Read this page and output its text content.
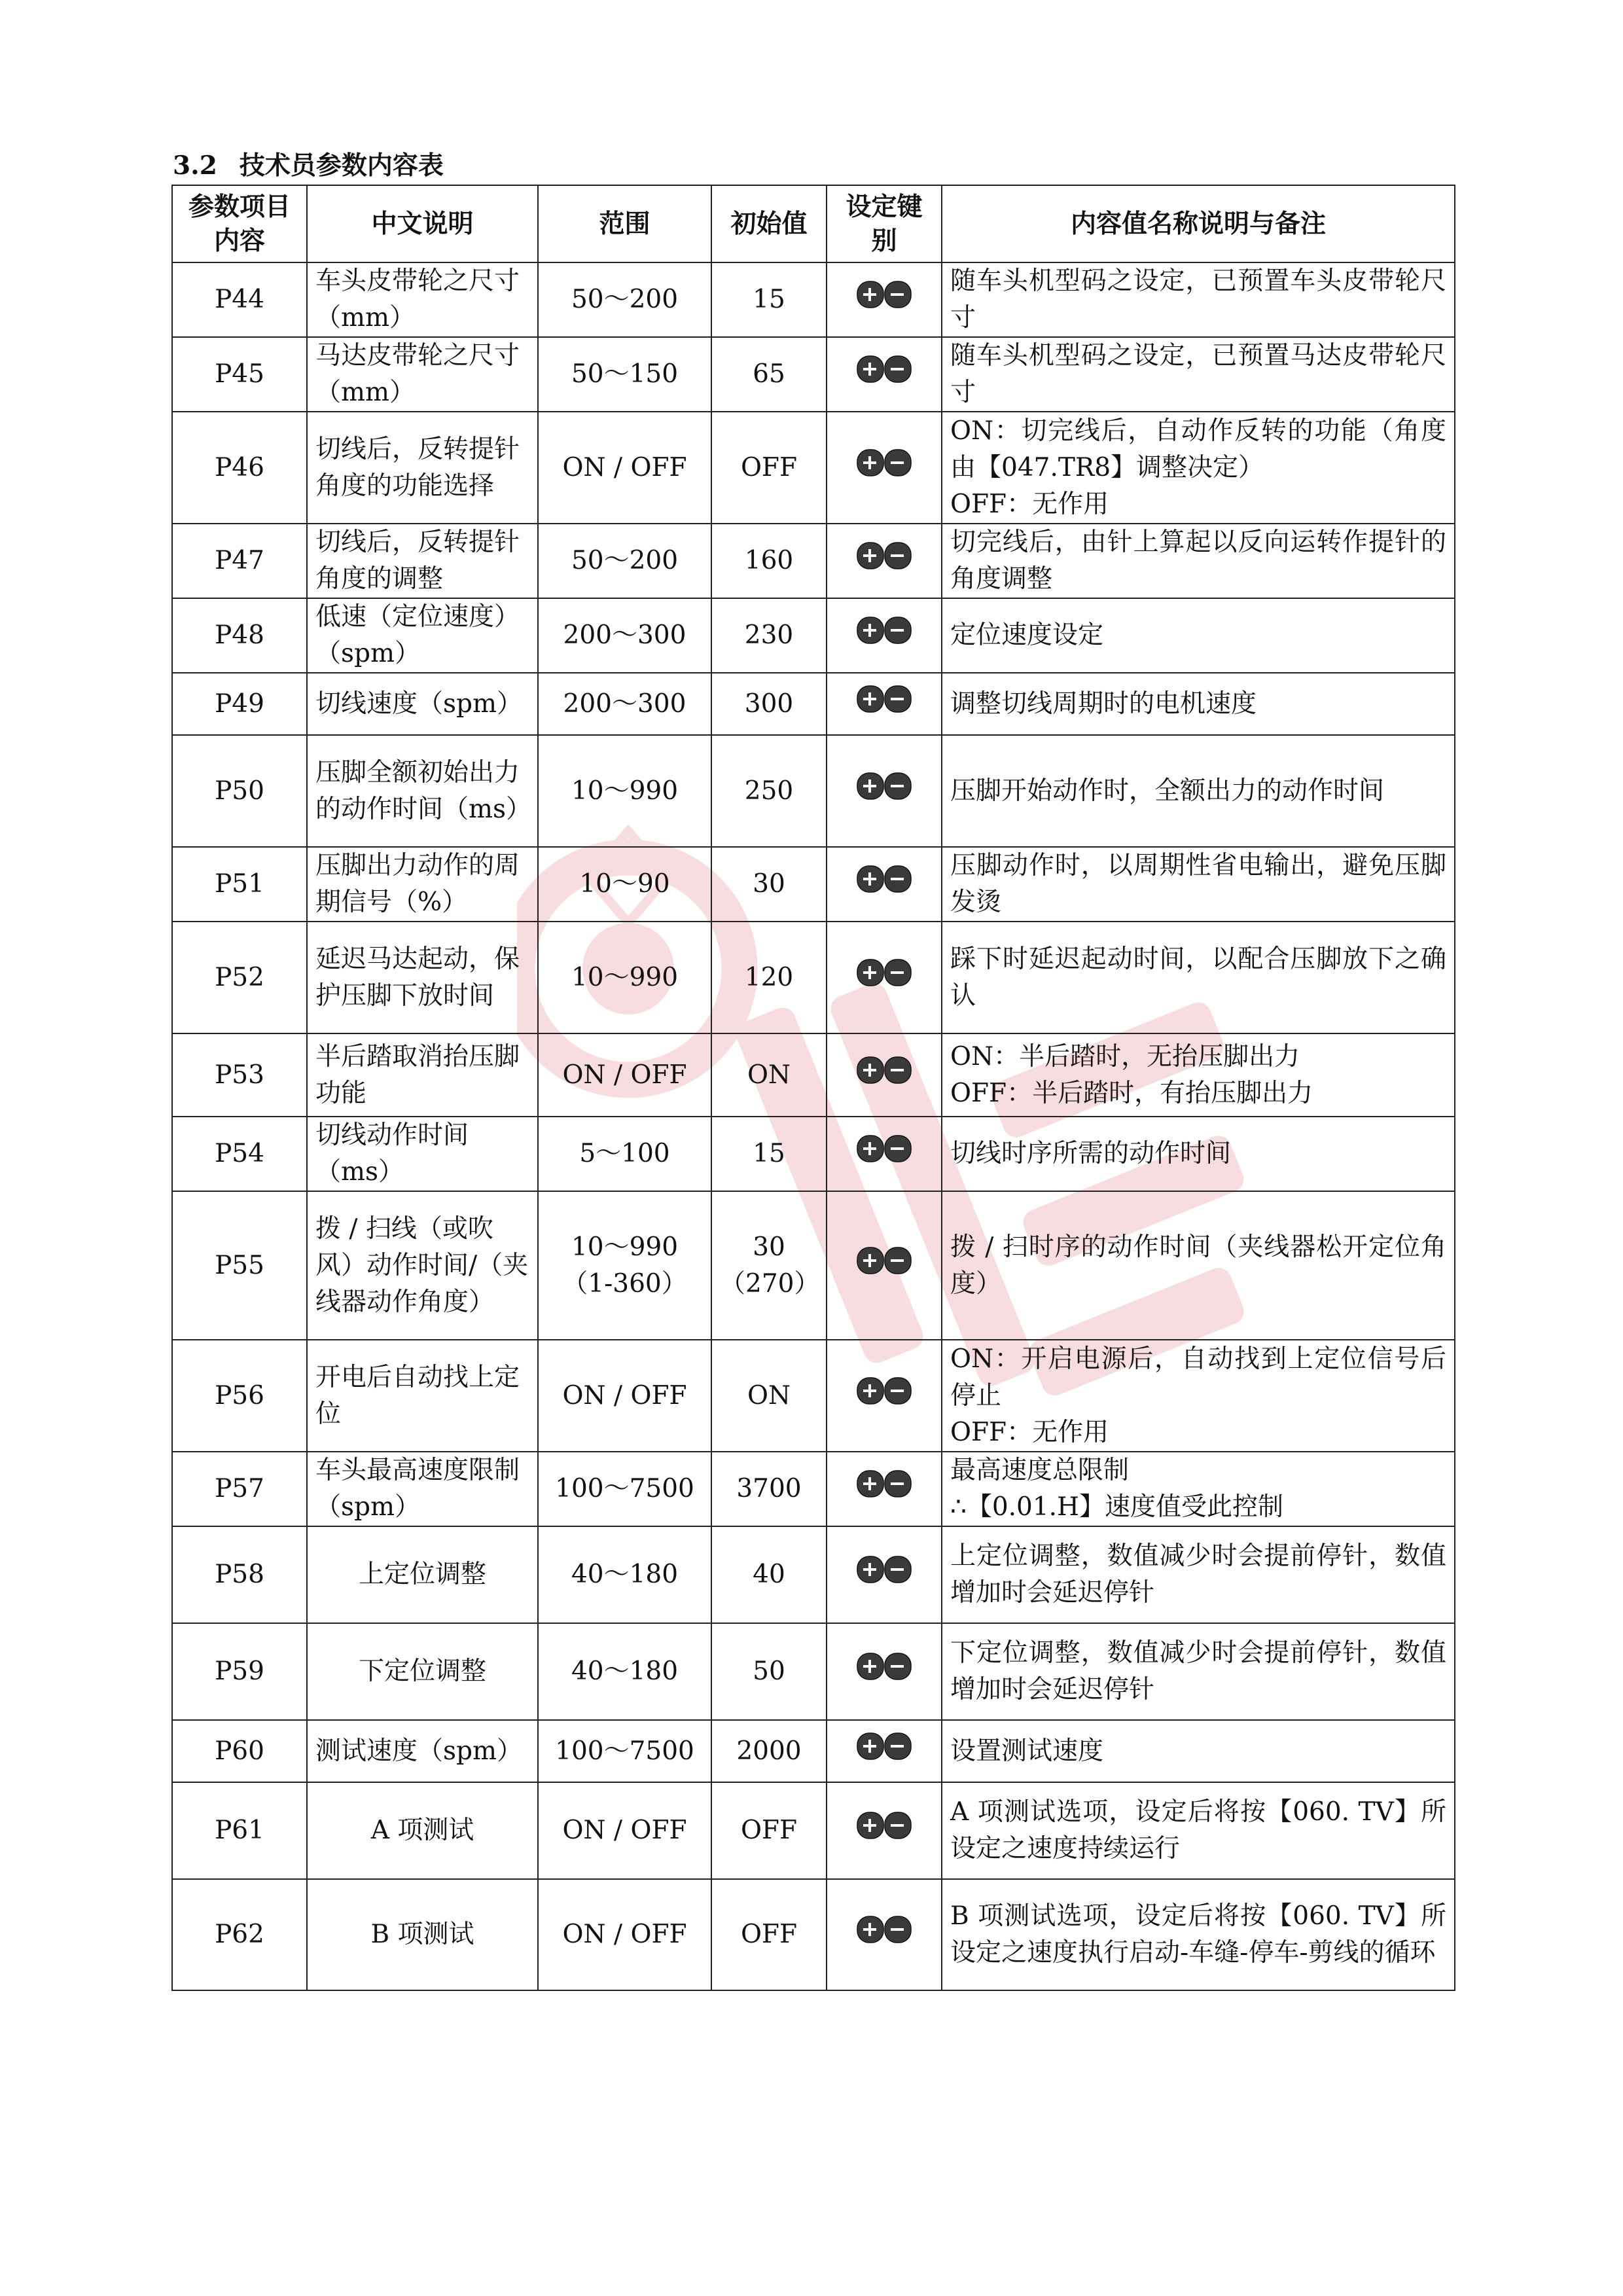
3.2 技术员参数内容表
参数项目内容	中文说明	范围	初始值	设定键别	内容值名称说明与备注
P44	车头皮带轮之尺寸（mm）	50～200	15		随车头机型码之设定，已预置车头皮带轮尺寸

P45	马达皮带轮之尺寸（mm）	50～150	65		随车头机型码之设定，已预置马达皮带轮尺寸

P46	切线后，反转提针角度的功能选择	ON / OFF	OFF		ON：切完线后，自动作反转的功能（角度由【047.TR8】调整决定）
OFF：无作用

P47	切线后，反转提针角度的调整	50～200	160		切完线后，由针上算起以反向运转作提针的角度调整

P48	低速（定位速度）（spm）	200～300	230		定位速度设定

P49	切线速度（spm）	200～300	300		调整切线周期时的电机速度

P50	压脚全额初始出力的动作时间（ms）	10～990	250		压脚开始动作时，全额出力的动作时间

P51	压脚出力动作的周期信号（%）	10～90	30		压脚动作时，以周期性省电输出，避免压脚发烫

P52	延迟马达起动，保护压脚下放时间	10～990	120		踩下时延迟起动时间，以配合压脚放下之确认

P53	半后踏取消抬压脚功能	ON / OFF	ON		ON：半后踏时，无抬压脚出力
OFF：半后踏时，有抬压脚出力

P54	切线动作时间（ms）	5～100	15		切线时序所需的动作时间

P55	拨 / 扫线（或吹风）动作时间/（夹线器动作角度）	10～990（1-360）	30（270）		拨 / 扫时序的动作时间（夹线器松开定位角度）

P56	开电后自动找上定位	ON / OFF	ON		ON：开启电源后，自动找到上定位信号后停止
OFF：无作用

P57	车头最高速度限制（spm）	100～7500	3700		最高速度总限制
∴【0.01.H】速度值受此控制

P58	上定位调整	40～180	40		上定位调整，数值减少时会提前停针，数值增加时会延迟停针

P59	下定位调整	40～180	50		下定位调整，数值减少时会提前停针，数值增加时会延迟停针

P60	测试速度（spm）	100～7500	2000		设置测试速度

P61	A 项测试	ON / OFF	OFF		A 项测试选项，设定后将按【060. TV】所设定之速度持续运行

P62	B 项测试	ON / OFF	OFF		B 项测试选项，设定后将按【060. TV】所设定之速度执行启动-车缝-停车-剪线的循环
